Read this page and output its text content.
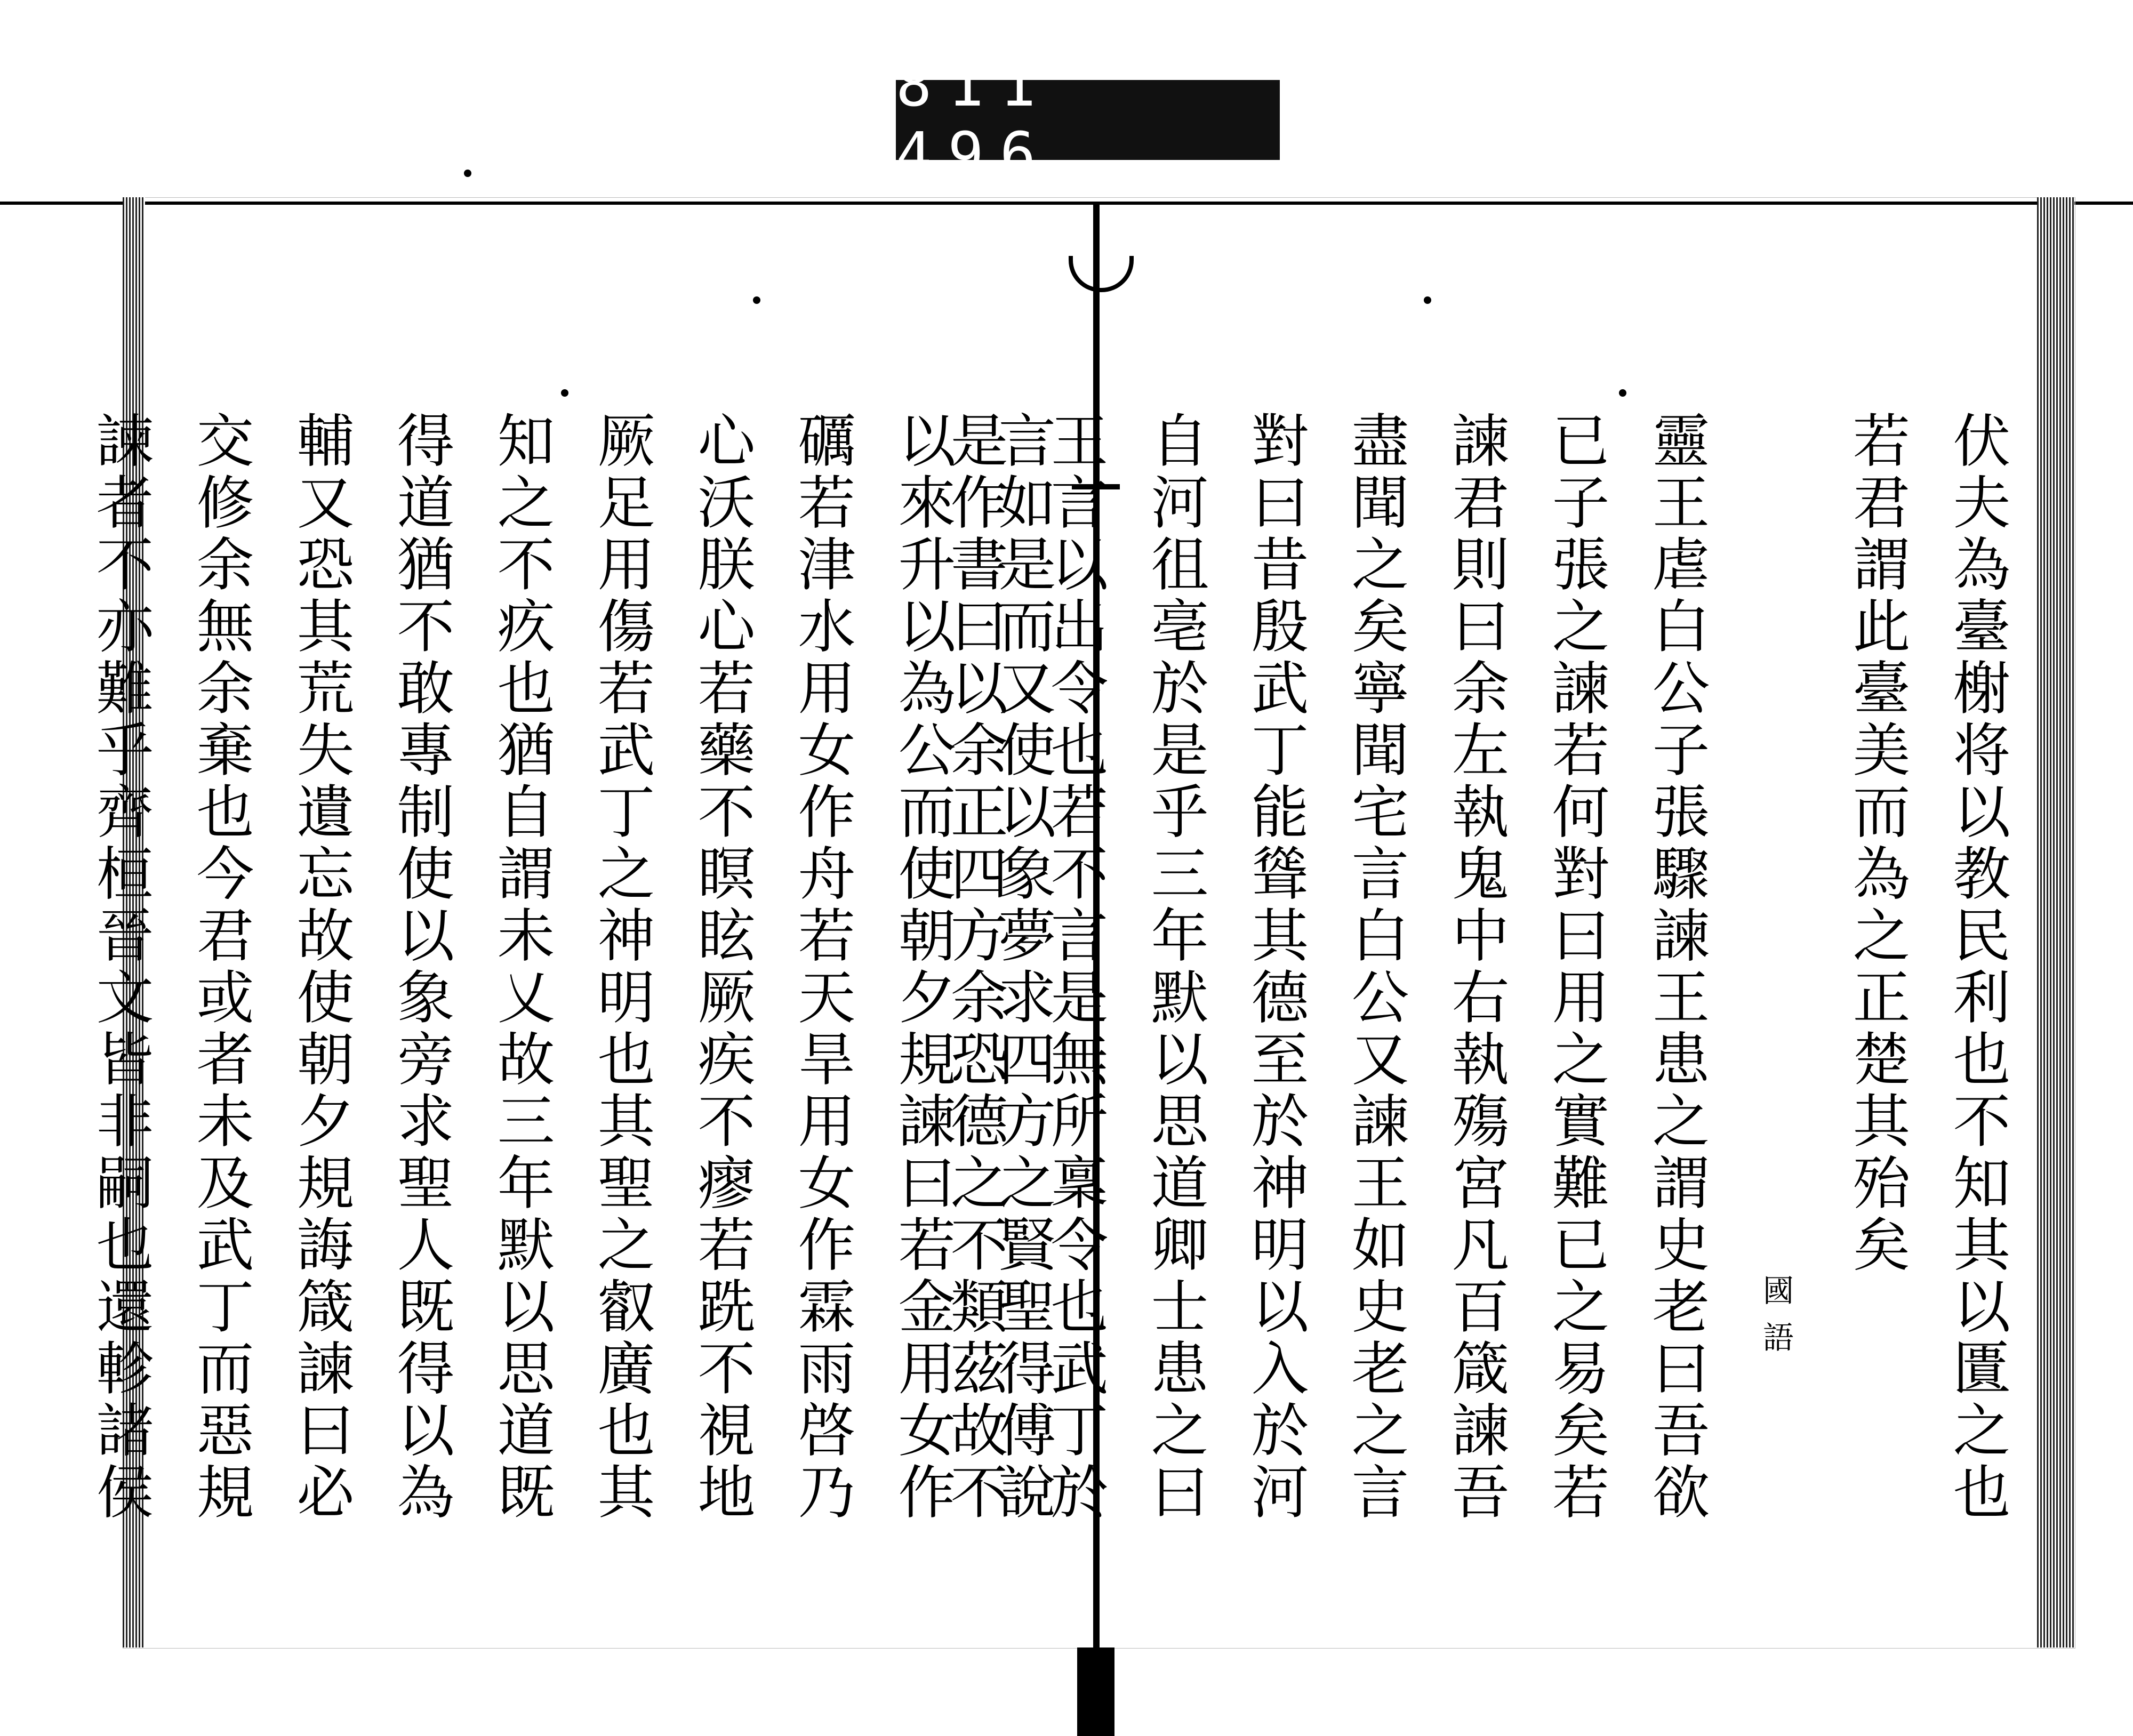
811 496.
伏夫為臺榭将以教民利也不知其以匱之也
若君謂此臺美而為之正楚其殆矣
國語
靈王虐白公子張驟諫王患之謂史老曰吾欲
已子張之諫若何對曰用之實難已之易矣若
諫君則曰余左執鬼中右執殤宮凡百箴諫吾
盡聞之矣寧聞宅言白公又諫王如史老之言
對曰昔殷武丁能聳其德至於神明以入於河
自河徂亳於是乎三年默以思道卿士患之曰
王言以出令也若不言是無所稟令也武丁於
是作書曰以余正四方余恐德之不類茲故不
言如是而又使以象夢求四方之賢聖得傅說
以來升以為公而使朝夕規諫曰若金用女作
礪若津水用女作舟若天旱用女作霖雨啓乃
心沃朕心若藥不瞑眩厥疾不瘳若跣不視地
厥足用傷若武丁之神明也其聖之叡廣也其
知之不疚也猶自謂未乂故三年默以思道既
得道猶不敢專制使以象旁求聖人既得以為
輔又恐其荒失遺忘故使朝夕規誨箴諫曰必
交修余無余棄也今君或者未及武丁而惡規
諫者不亦難乎齊桓晉文皆非嗣也還軫諸侯
